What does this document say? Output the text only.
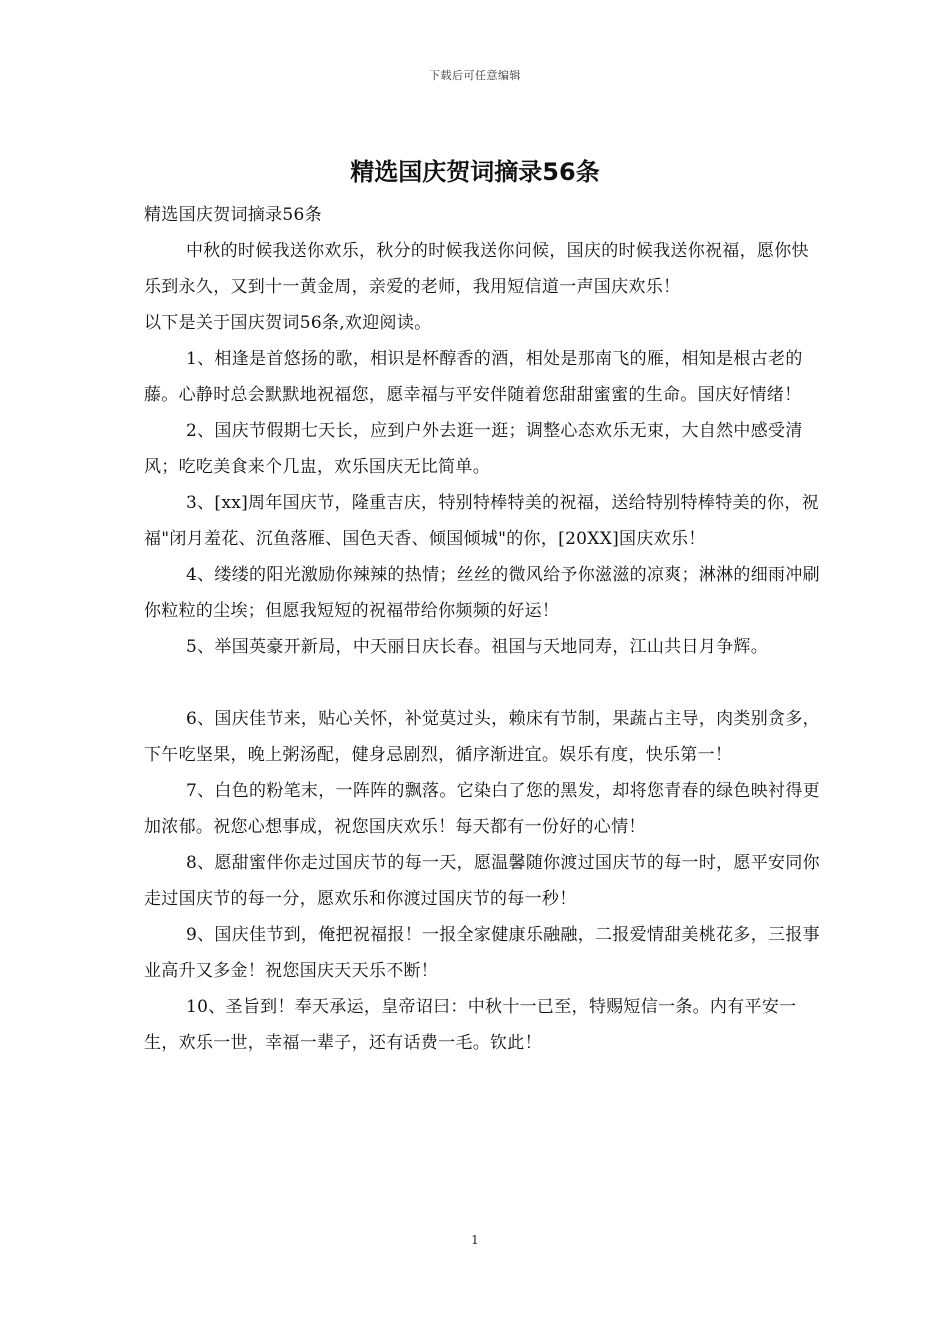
下载后可任意编辑
精选国庆贺词摘录56条

精选国庆贺词摘录56条

中秋的时候我送你欢乐，秋分的时候我送你问候，国庆的时候我送你祝福，愿你快乐到永久，又到十一黄金周，亲爱的老师，我用短信道一声国庆欢乐！

以下是关于国庆贺词56条,欢迎阅读。

1、相逢是首悠扬的歌，相识是杯醇香的酒，相处是那南飞的雁，相知是根古老的藤。心静时总会默默地祝福您，愿幸福与平安伴随着您甜甜蜜蜜的生命。国庆好情绪！

2、国庆节假期七天长，应到户外去逛一逛；调整心态欢乐无束，大自然中感受清风；吃吃美食来个几盅，欢乐国庆无比简单。

3、[xx]周年国庆节，隆重吉庆，特别特棒特美的祝福，送给特别特棒特美的你，祝福"闭月羞花、沉鱼落雁、国色天香、倾国倾城"的你，[20XX]国庆欢乐！

4、缕缕的阳光激励你辣辣的热情；丝丝的微风给予你滋滋的凉爽；淋淋的细雨冲刷你粒粒的尘埃；但愿我短短的祝福带给你频频的好运！

5、举国英豪开新局，中天丽日庆长春。祖国与天地同寿，江山共日月争辉。

6、国庆佳节来，贴心关怀，补觉莫过头，赖床有节制，果蔬占主导，肉类别贪多，下午吃坚果，晚上粥汤配，健身忌剧烈，循序渐进宜。娱乐有度，快乐第一！

7、白色的粉笔末，一阵阵的飘落。它染白了您的黑发，却将您青春的绿色映衬得更加浓郁。祝您心想事成，祝您国庆欢乐！每天都有一份好的心情！

8、愿甜蜜伴你走过国庆节的每一天，愿温馨随你渡过国庆节的每一时，愿平安同你走过国庆节的每一分，愿欢乐和你渡过国庆节的每一秒！

9、国庆佳节到，俺把祝福报！一报全家健康乐融融，二报爱情甜美桃花多，三报事业高升又多金！祝您国庆天天乐不断！

10、圣旨到！奉天承运，皇帝诏曰：中秋十一已至，特赐短信一条。内有平安一生，欢乐一世，幸福一辈子，还有话费一毛。钦此！

1
